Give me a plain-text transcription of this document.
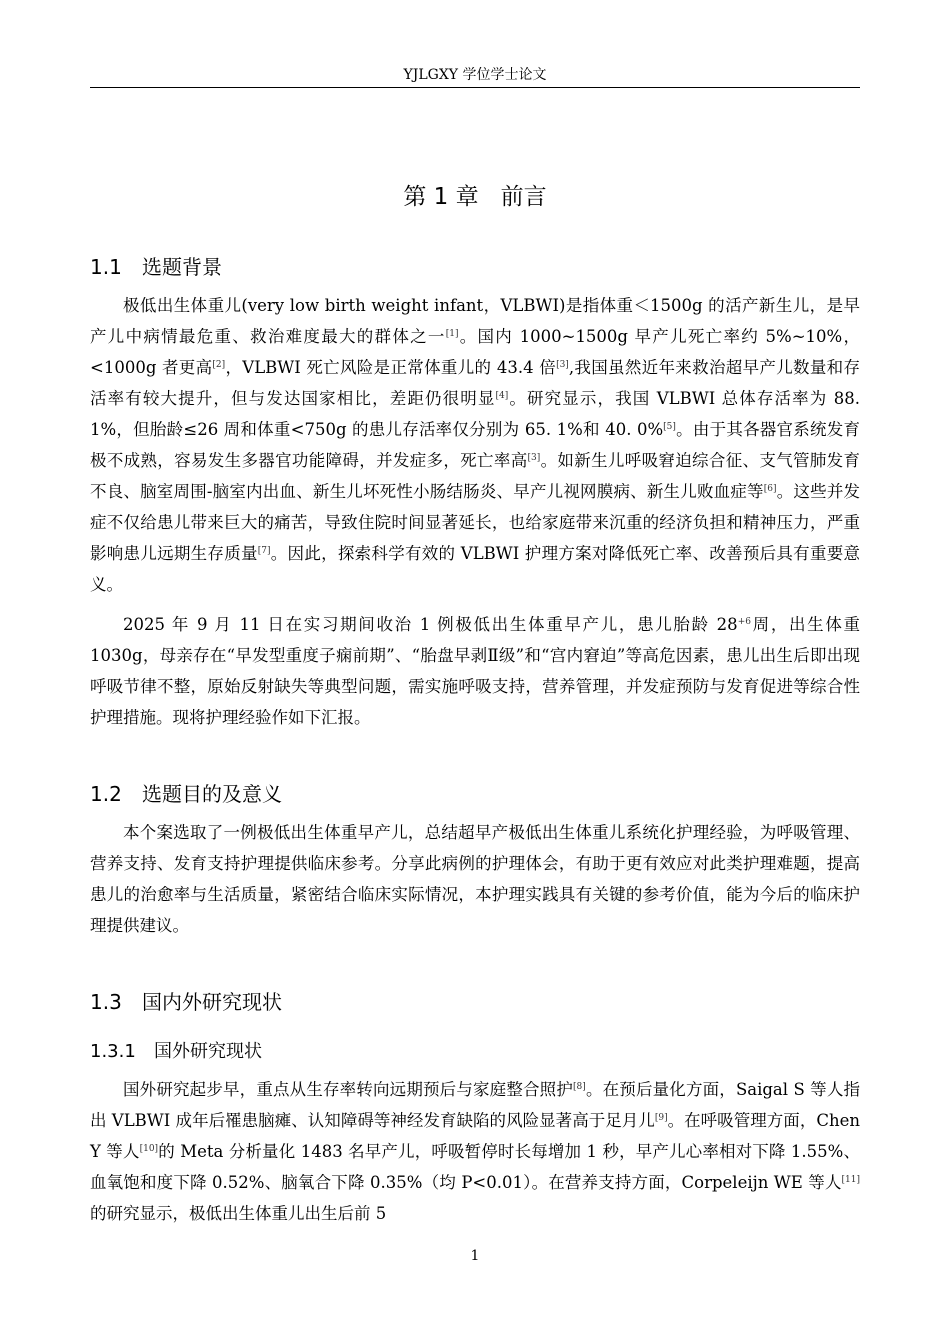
YJLGXY 学位学士论文
第 1 章 前言
1.1 选题背景

极低出生体重儿(very low birth weight infant，VLBWI)是指体重＜1500g 的活产新生儿，是早产儿中病情最危重、救治难度最大的群体之一[1]。国内 1000~1500g 早产儿死亡率约 5%~10%，<1000g 者更高[2]，VLBWI 死亡风险是正常体重儿的 43.4 倍[3],我国虽然近年来救治超早产儿数量和存活率有较大提升，但与发达国家相比，差距仍很明显[4]。研究显示，我国 VLBWI 总体存活率为 88. 1%，但胎龄≤26 周和体重<750g 的患儿存活率仅分别为 65. 1%和 40. 0%[5]。由于其各器官系统发育极不成熟，容易发生多器官功能障碍，并发症多，死亡率高[3]。如新生儿呼吸窘迫综合征、支气管肺发育不良、脑室周围-脑室内出血、新生儿坏死性小肠结肠炎、早产儿视网膜病、新生儿败血症等[6]。这些并发症不仅给患儿带来巨大的痛苦，导致住院时间显著延长，也给家庭带来沉重的经济负担和精神压力，严重影响患儿远期生存质量[7]。因此，探索科学有效的 VLBWI 护理方案对降低死亡率、改善预后具有重要意义。

2025 年 9 月 11 日在实习期间收治 1 例极低出生体重早产儿，患儿胎龄 $28^{+6}$周，出生体重 1030g，母亲存在“早发型重度子痫前期”、“胎盘早剥Ⅱ级”和“宫内窘迫”等高危因素，患儿出生后即出现呼吸节律不整，原始反射缺失等典型问题，需实施呼吸支持，营养管理，并发症预防与发育促进等综合性护理措施。现将护理经验作如下汇报。

1.2 选题目的及意义

本个案选取了一例极低出生体重早产儿，总结超早产极低出生体重儿系统化护理经验，为呼吸管理、营养支持、发育支持护理提供临床参考。分享此病例的护理体会，有助于更有效应对此类护理难题，提高患儿的治愈率与生活质量，紧密结合临床实际情况，本护理实践具有关键的参考价值，能为今后的临床护理提供建议。

1.3 国内外研究现状
1.3.1 国外研究现状

国外研究起步早，重点从生存率转向远期预后与家庭整合照护[8]。在预后量化方面，Saigal S 等人指出 VLBWI 成年后罹患脑瘫、认知障碍等神经发育缺陷的风险显著高于足月儿[9]。在呼吸管理方面，Chen Y 等人[10]的 Meta 分析量化 1483 名早产儿，呼吸暂停时长每增加 1 秒，早产儿心率相对下降 1.55%、血氧饱和度下降 0.52%、脑氧合下降 0.35%（均 P<0.01）。在营养支持方面，Corpeleijn WE 等人[11]的研究显示，极低出生体重儿出生后前 5

1
